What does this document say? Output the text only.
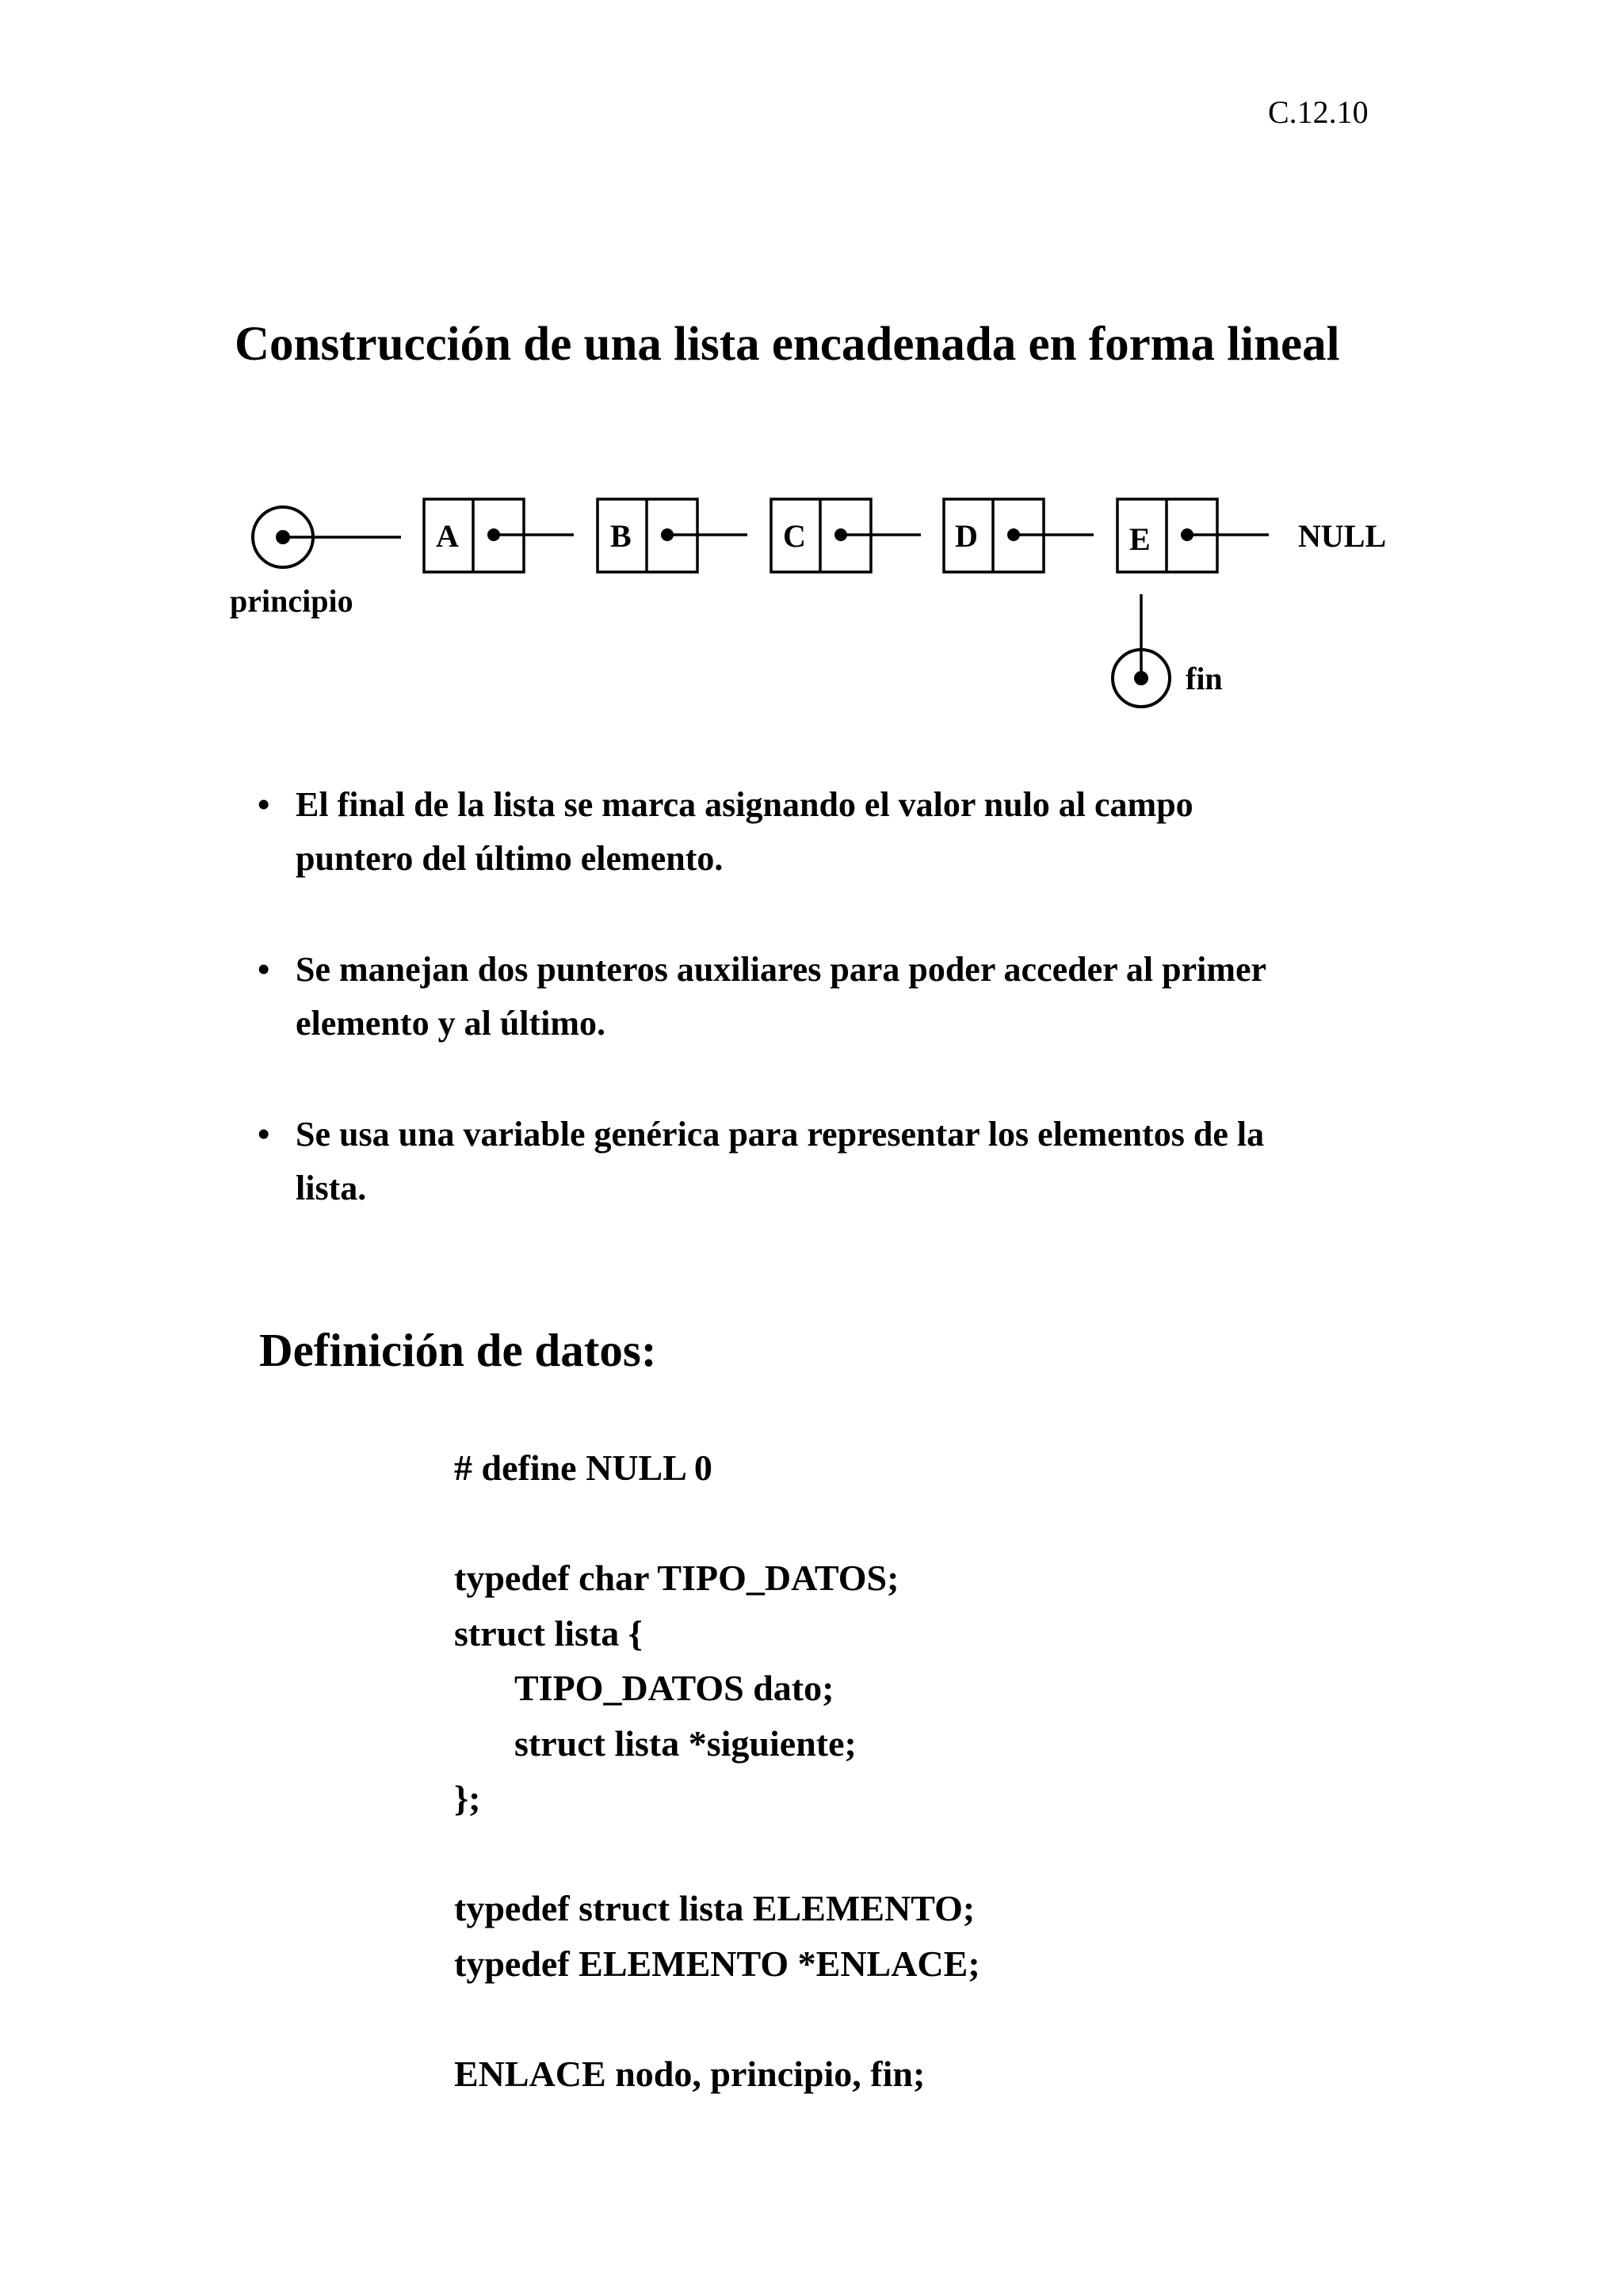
C.12.10
Construcción de una lista encadenada en forma lineal
principio
A	B	C	D	E	NULL
fin
• El final de la lista se marca asignando el valor nulo al campo
puntero del último elemento.
• Se manejan dos punteros auxiliares para poder acceder al primer
elemento y al último.
• Se usa una variable genérica para representar los elementos de la
lista.
Definición de datos:
# define NULL 0
typedef char TIPO_DATOS;
struct lista {
TIPO_DATOS dato;
struct lista *siguiente;
};
typedef struct lista ELEMENTO;
typedef ELEMENTO *ENLACE;
ENLACE nodo, principio, fin;
